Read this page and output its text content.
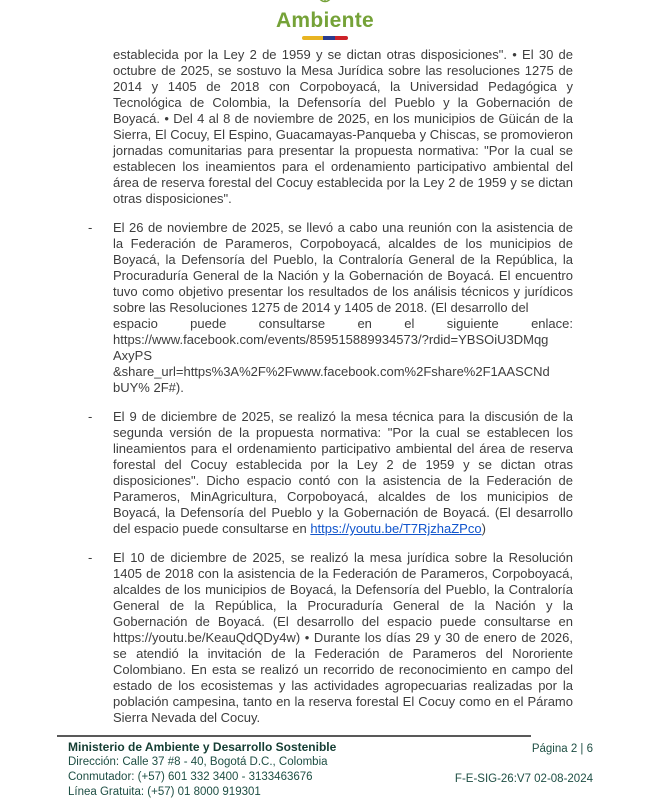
Ambiente

establecida por la Ley 2 de 1959 y se dictan otras disposiciones". • El 30 de octubre de 2025, se sostuvo la Mesa Jurídica sobre las resoluciones 1275 de 2014 y 1405 de 2018 con Corpoboyacá, la Universidad Pedagógica y Tecnológica de Colombia, la Defensoría del Pueblo y la Gobernación de Boyacá. • Del 4 al 8 de noviembre de 2025, en los municipios de Güicán de la Sierra, El Cocuy, El Espino, Guacamayas-Panqueba y Chiscas, se promovieron jornadas comunitarias para presentar la propuesta normativa: "Por la cual se establecen los ineamientos para el ordenamiento participativo ambiental del área de reserva forestal del Cocuy establecida por la Ley 2 de 1959 y se dictan otras disposiciones".

- El 26 de noviembre de 2025, se llevó a cabo una reunión con la asistencia de la Federación de Parameros, Corpoboyacá, alcaldes de los municipios de Boyacá, la Defensoría del Pueblo, la Contraloría General de la República, la Procuraduría General de la Nación y la Gobernación de Boyacá. El encuentro tuvo como objetivo presentar los resultados de los análisis técnicos y jurídicos sobre las Resoluciones 1275 de 2014 y 1405 de 2018. (El desarrollo del

espacio puede consultarse en el siguiente enlace:

https://www.facebook.com/events/859515889934573/?rdid=YBSOiU3DMqg
AxyPS
&share_url=https%3A%2F%2Fwww.facebook.com%2Fshare%2F1AASCNd
bUY% 2F#).
- El 9 de diciembre de 2025, se realizó la mesa técnica para la discusión de la segunda versión de la propuesta normativa: "Por la cual se establecen los lineamientos para el ordenamiento participativo ambiental del área de reserva forestal del Cocuy establecida por la Ley 2 de 1959 y se dictan otras disposiciones". Dicho espacio contó con la asistencia de la Federación de Parameros, MinAgricultura, Corpoboyacá, alcaldes de los municipios de Boyacá, la Defensoría del Pueblo y la Gobernación de Boyacá. (El desarrollo del espacio puede consultarse en https://youtu.be/T7RjzhaZPco)

- El 10 de diciembre de 2025, se realizó la mesa jurídica sobre la Resolución 1405 de 2018 con la asistencia de la Federación de Parameros, Corpoboyacá, alcaldes de los municipios de Boyacá, la Defensoría del Pueblo, la Contraloría General de la República, la Procuraduría General de la Nación y la Gobernación de Boyacá. (El desarrollo del espacio puede consultarse en https://youtu.be/KeauQdQDy4w) • Durante los días 29 y 30 de enero de 2026, se atendió la invitación de la Federación de Parameros del Nororiente Colombiano. En esta se realizó un recorrido de reconocimiento en campo del estado de los ecosistemas y las actividades agropecuarias realizadas por la población campesina, tanto en la reserva forestal El Cocuy como en el Páramo Sierra Nevada del Cocuy.

Ministerio de Ambiente y Desarrollo Sostenible
Dirección: Calle 37 #8 - 40, Bogotá D.C., Colombia
Conmutador: (+57) 601 332 3400 - 3133463676
Línea Gratuita: (+57) 01 8000 919301
Página 2 | 6
F-E-SIG-26:V7 02-08-2024
